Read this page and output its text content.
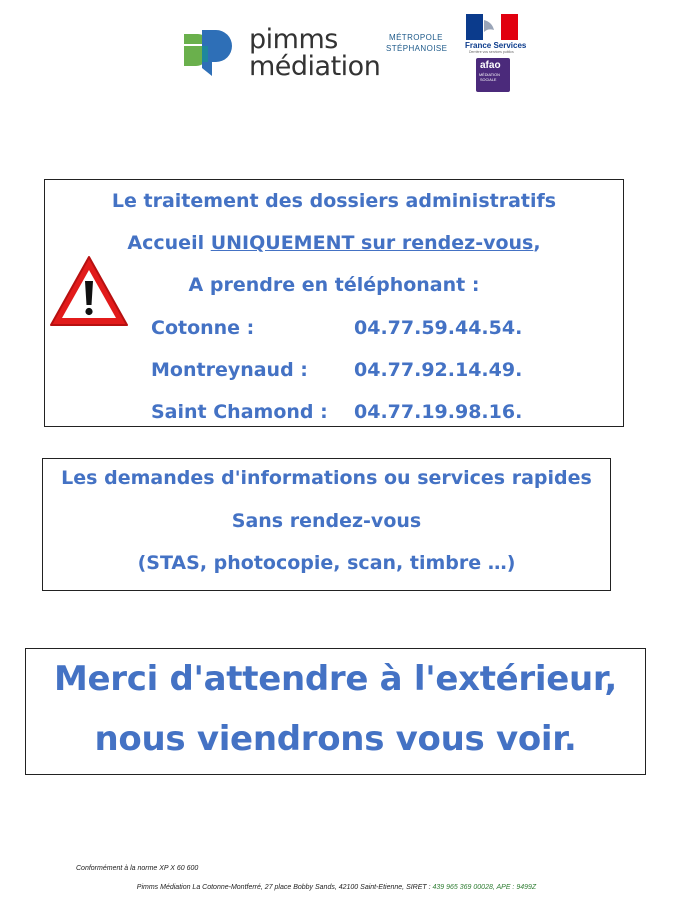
pimms
médiation
MÉTROPOLE
STÉPHANOISE France Services
Derrière vos services publics
afao
MÉDIATION
SOCIALE
Le traitement des dossiers administratifs
Accueil UNIQUEMENT sur rendez-vous,
A prendre en téléphonant :
Cotonne :	04.77.59.44.54.
Montreynaud : 04.77.92.14.49.
Saint Chamond : 04.77.19.98.16.
Les demandes d'informations ou services rapides
Sans rendez-vous
(STAS, photocopie, scan, timbre …)
Merci d'attendre à l'extérieur,
nous viendrons vous voir.
Conformément à la norme XP X 60 600
Pimms Médiation La Cotonne-Montferré, 27 place Bobby Sands, 42100 Saint-Etienne, SIRET : 439 965 369 00028, APE : 9499Z
